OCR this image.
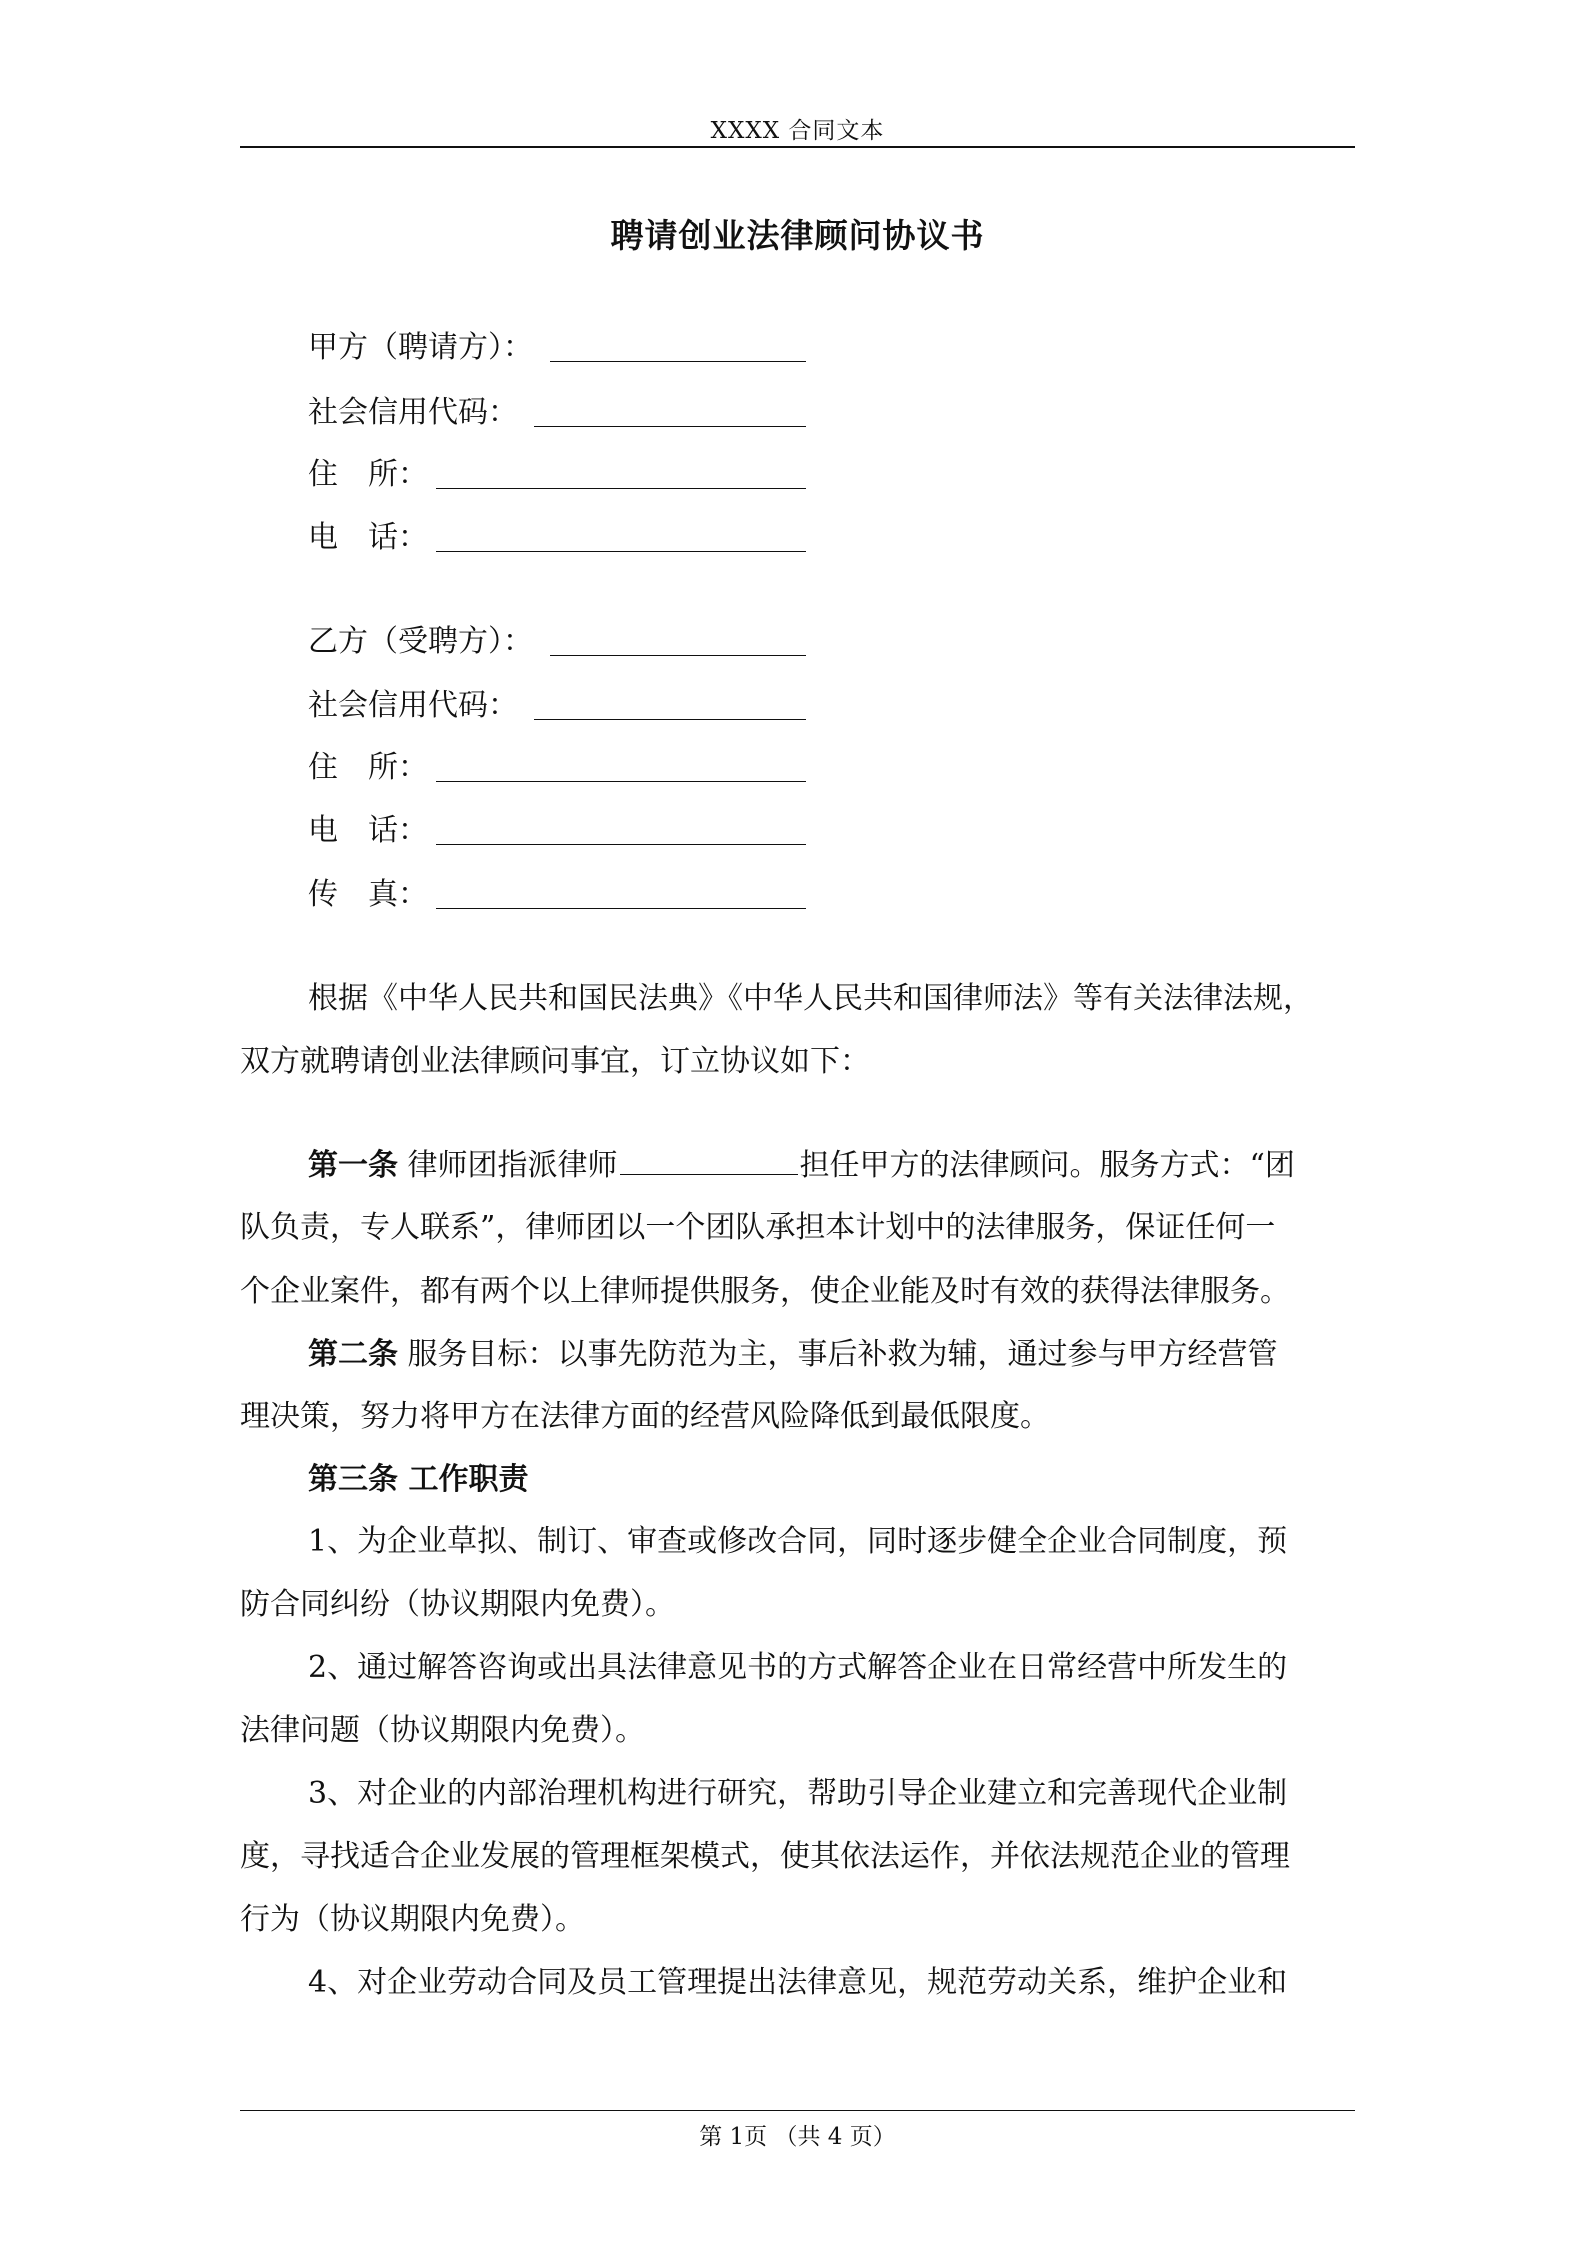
XXXX 合同文本
聘请创业法律顾问协议书
甲方（聘请方）：
社会信用代码：
住　所：
电　话：
乙方（受聘方）：
社会信用代码：
住　所：
电　话：
传　真：
根据《中华人民共和国民法典》《中华人民共和国律师法》等有关法律法规，
双方就聘请创业法律顾问事宜，订立协议如下：
第一条 律师团指派律师	担任甲方的法律顾问。服务方式：“团
队负责，专人联系”，律师团以一个团队承担本计划中的法律服务，保证任何一
个企业案件，都有两个以上律师提供服务，使企业能及时有效的获得法律服务。
第二条 服务目标：以事先防范为主，事后补救为辅，通过参与甲方经营管
理决策，努力将甲方在法律方面的经营风险降低到最低限度。
第三条 工作职责
1、为企业草拟、制订、审查或修改合同，同时逐步健全企业合同制度，预
防合同纠纷（协议期限内免费）。
2、通过解答咨询或出具法律意见书的方式解答企业在日常经营中所发生的
法律问题（协议期限内免费）。
3、对企业的内部治理机构进行研究，帮助引导企业建立和完善现代企业制
度，寻找适合企业发展的管理框架模式，使其依法运作，并依法规范企业的管理
行为（协议期限内免费）。
4、对企业劳动合同及员工管理提出法律意见，规范劳动关系，维护企业和
第 1页 （共 4 页）
